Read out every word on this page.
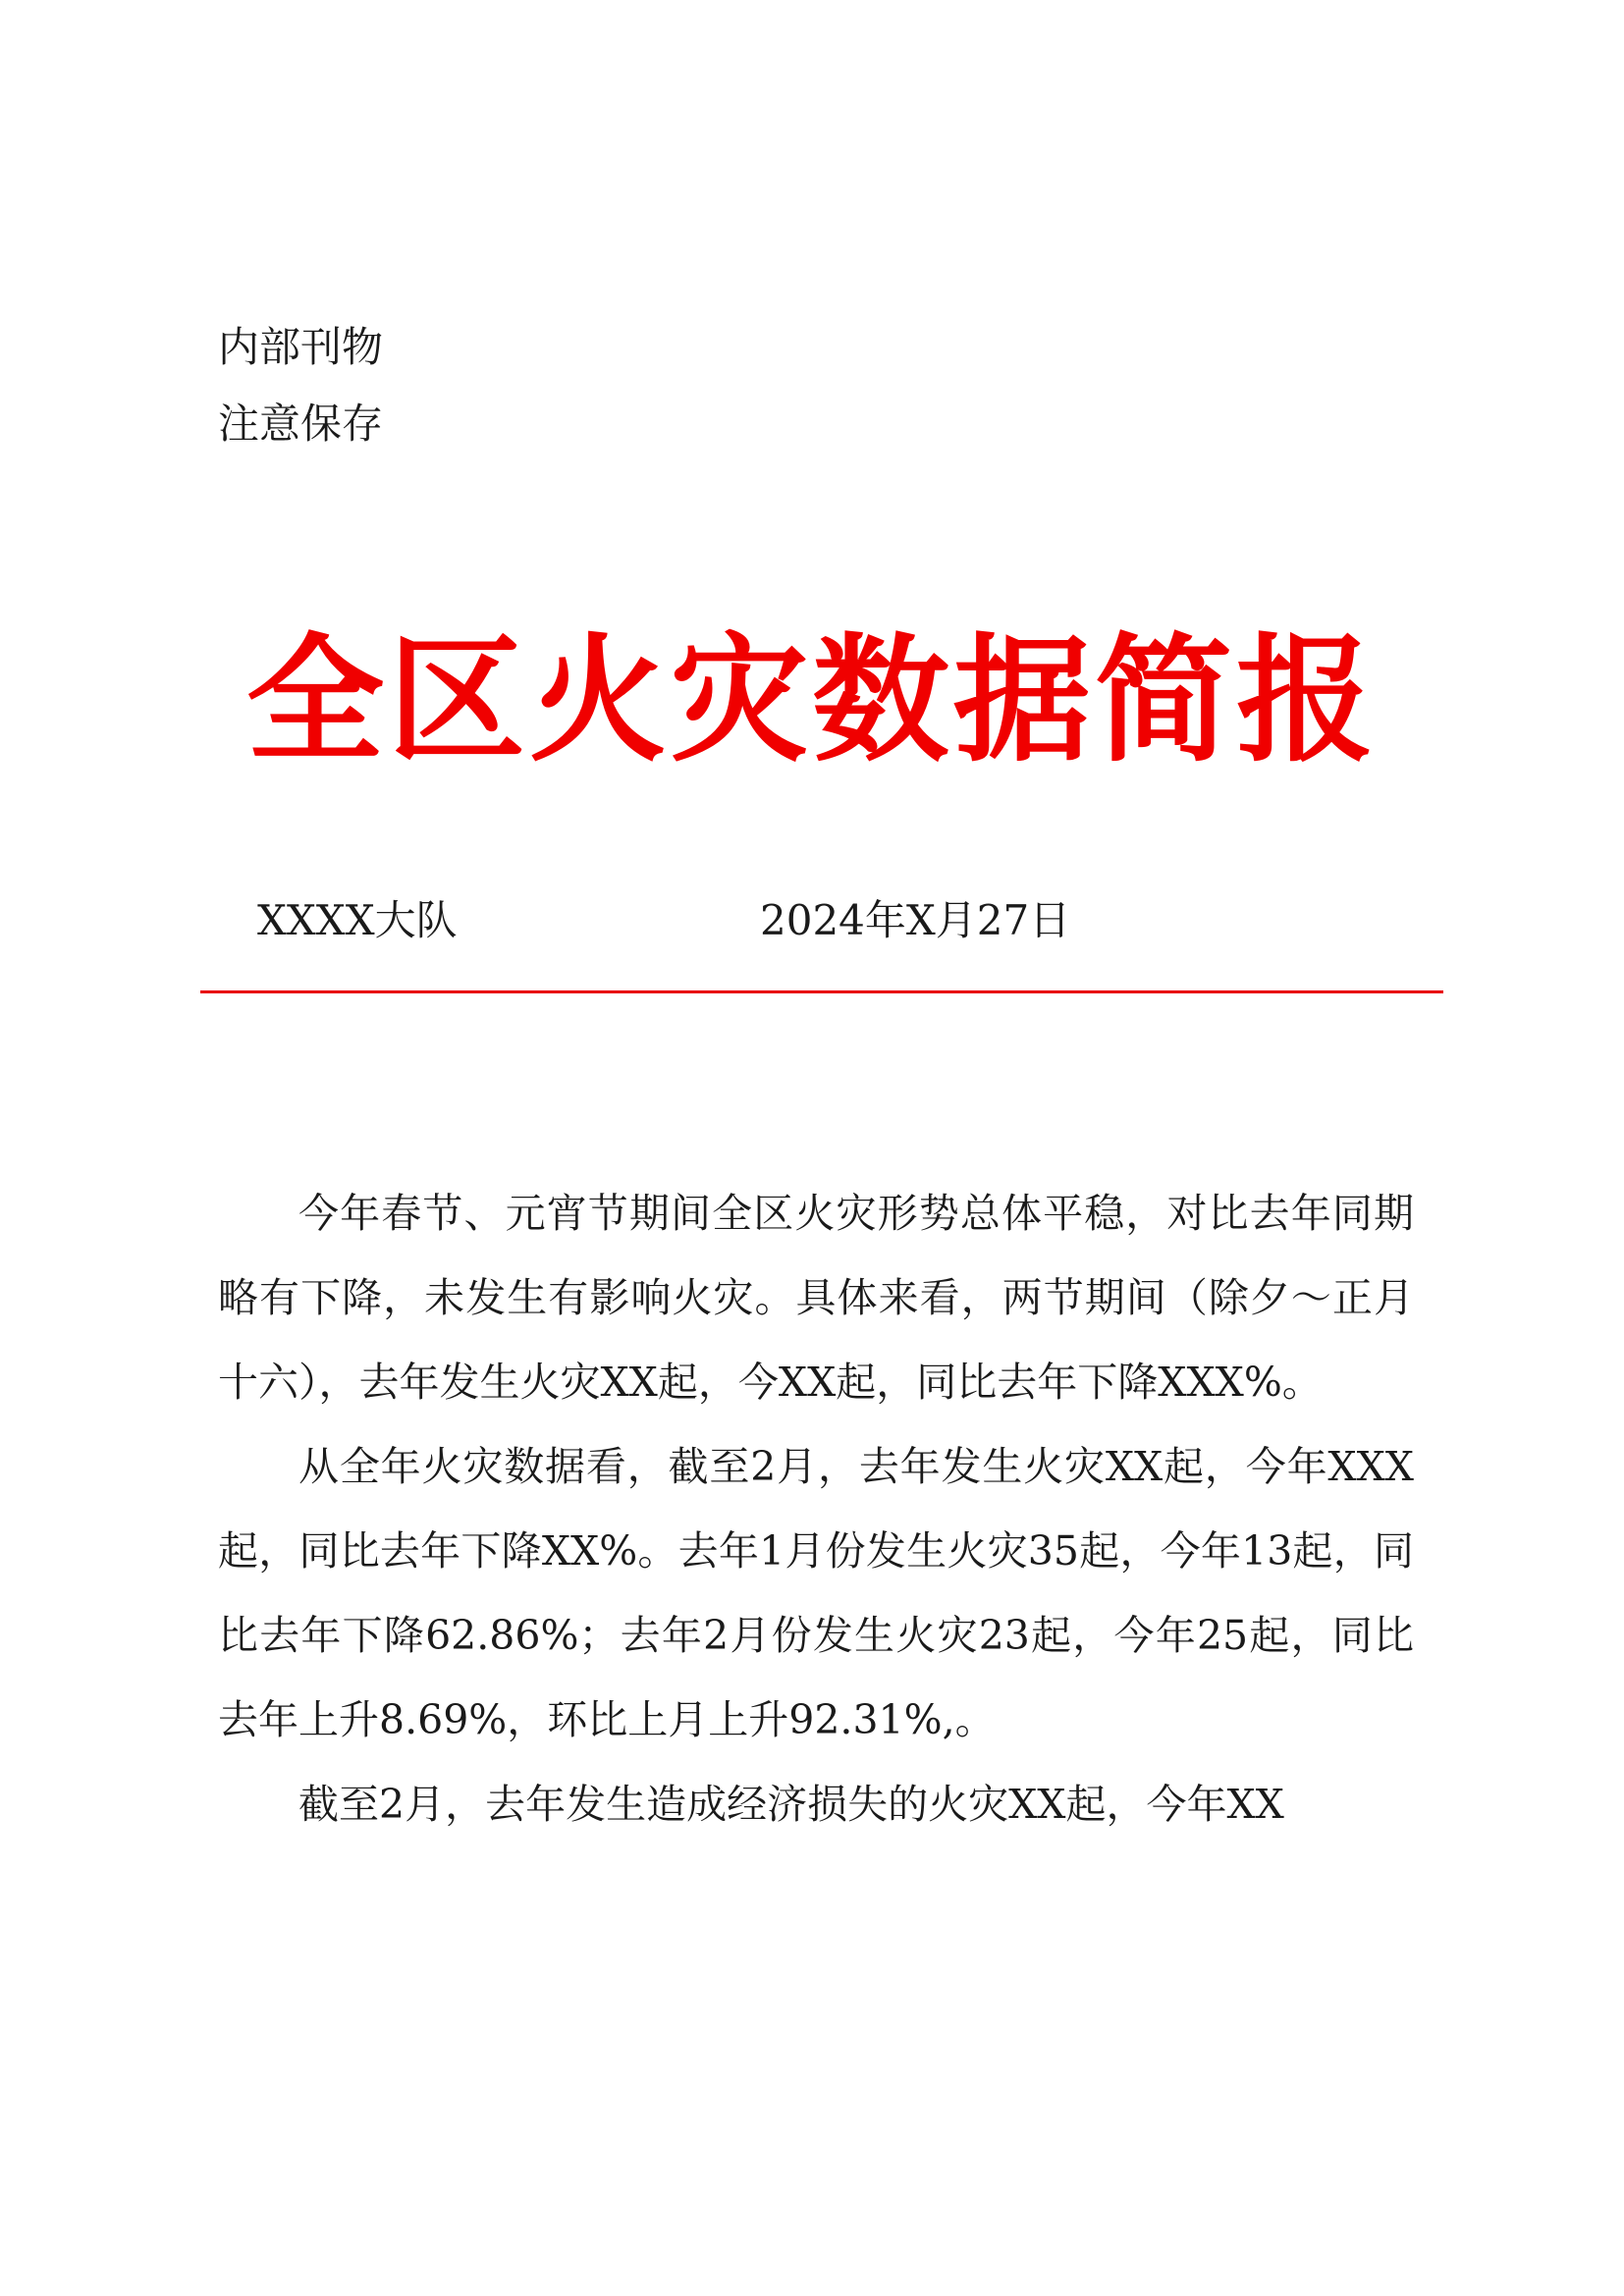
内部刊物
注意保存
全区火灾数据简报
XXXX大队	2024年X月27日

今年春节、元宵节期间全区火灾形势总体平稳，对比去年同期略有下降，未发生有影响火灾。具体来看，两节期间（除夕～正月十六），去年发生火灾XX起，今XX起，同比去年下降XXX%。

从全年火灾数据看，截至2月，去年发生火灾XX起，今年XXX起，同比去年下降XX%。去年1月份发生火灾35起，今年13起，同比去年下降62.86%；去年2月份发生火灾23起，今年25起，同比去年上升8.69%，环比上月上升92.31%,。

截至2月，去年发生造成经济损失的火灾XX起，今年XX
